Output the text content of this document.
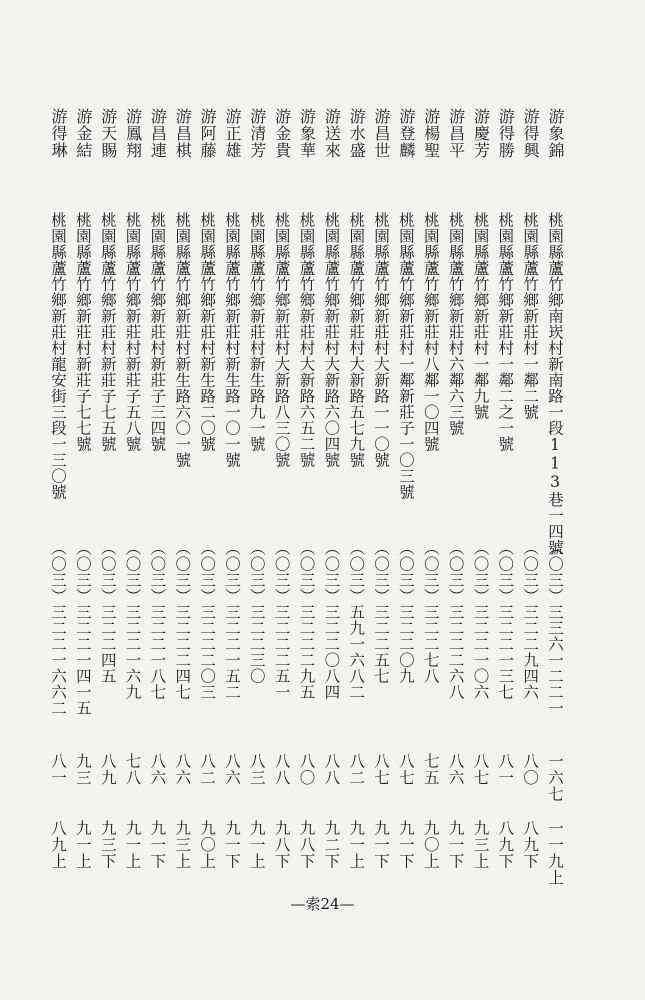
游象錦
桃園縣蘆竹鄉南崁村新南路一段113巷一四號
（〇三）三三六一二二一
一六七
一一九上
游得興
桃園縣蘆竹鄉新莊村一鄰二號
（〇三）三二二九四六
八〇
八九下
游得勝
桃園縣蘆竹鄉新莊村一鄰二之一號
（〇三）三二二一三七
八一
八九下
游慶芳
桃園縣蘆竹鄉新莊村一鄰九號
（〇三）三二二一〇六
八七
九三上
游昌平
桃園縣蘆竹鄉新莊村六鄰六三號
（〇三）三二二二六八
八六
九一下
游楊聖
桃園縣蘆竹鄉新莊村八鄰一〇四號
（〇三）三二二七八
七五
九〇上
游登麟
桃園縣蘆竹鄉新莊村一鄰新莊子一〇三號
（〇三）三二二〇九
八七
九一下
游昌世
桃園縣蘆竹鄉新莊村大新路一一〇號
（〇三）三二二五七
八七
九一下
游水盛
桃園縣蘆竹鄉新莊村大新路五七九號
（〇三）五九一六八二
八二
九一上
游送來
桃園縣蘆竹鄉新莊村大新路六〇四號
（〇三）三二二〇八四
八八
九二下
游象華
桃園縣蘆竹鄉新莊村大新路六五二號
（〇三）三二二二九五
八〇
九八下
游金貴
桃園縣蘆竹鄉新莊村大新路八三〇號
（〇三）三二二二五一
八八
九八下
游清芳
桃園縣蘆竹鄉新莊村新生路九一號
（〇三）三二二三〇
八三
九一上
游正雄
桃園縣蘆竹鄉新莊村新生路一〇一號
（〇三）三二二一五二
八六
九一下
游阿藤
桃園縣蘆竹鄉新莊村新生路二〇號
（〇三）三二二二〇三
八二
九〇上
游昌棋
桃園縣蘆竹鄉新莊村新生路六〇一號
（〇三）三二二二四七
八六
九三上
游昌連
桃園縣蘆竹鄉新莊村新莊子三四號
（〇三）三二二一八七
八六
九一下
游鳳翔
桃園縣蘆竹鄉新莊村新莊子五八號
（〇三）三二二一六九
七八
九一上
游天賜
桃園縣蘆竹鄉新莊村新莊子七五號
（〇三）三二二四五
八九
九三下
游金結
桃園縣蘆竹鄉新莊村新莊子七七號
（〇三）三二二一四一五
九三
九一上
游得琳
桃園縣蘆竹鄉新莊村龍安街三段一三〇號
（〇三）三二二一六六二
八一
八九上
—索24—
